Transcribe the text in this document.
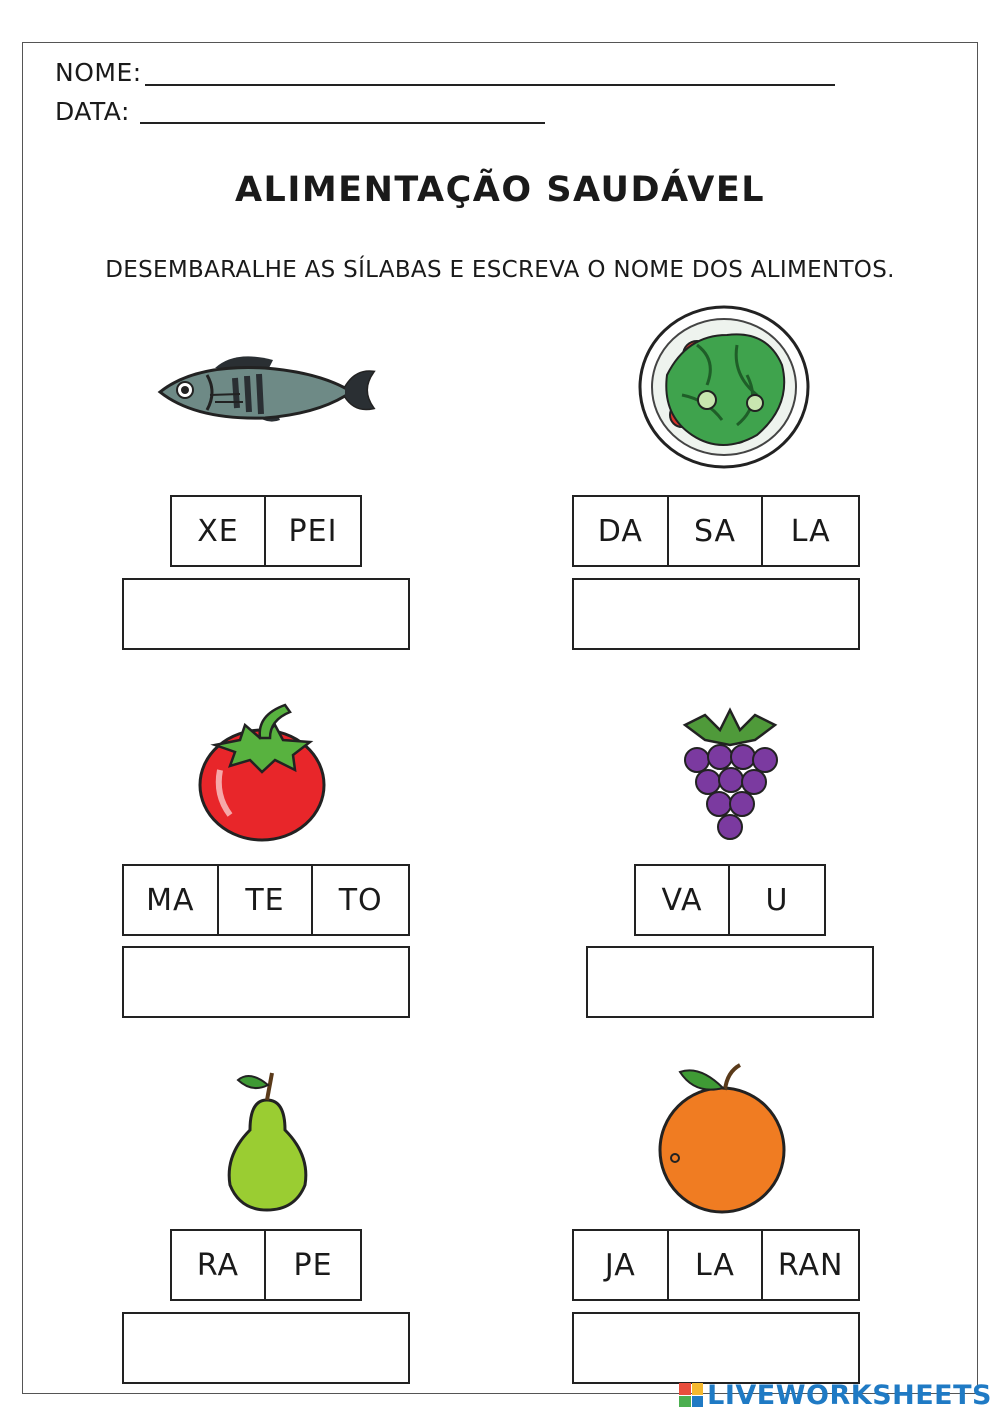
NOME:
DATA:
ALIMENTAÇÃO SAUDÁVEL
DESEMBARALHE AS SÍLABAS E ESCREVA O NOME DOS ALIMENTOS.
XE	PEI	DA	SA	LA
MA	TE	TO	VA	U
RA	PE	JA	LA	RAN
LIVEWORKSHEETS
